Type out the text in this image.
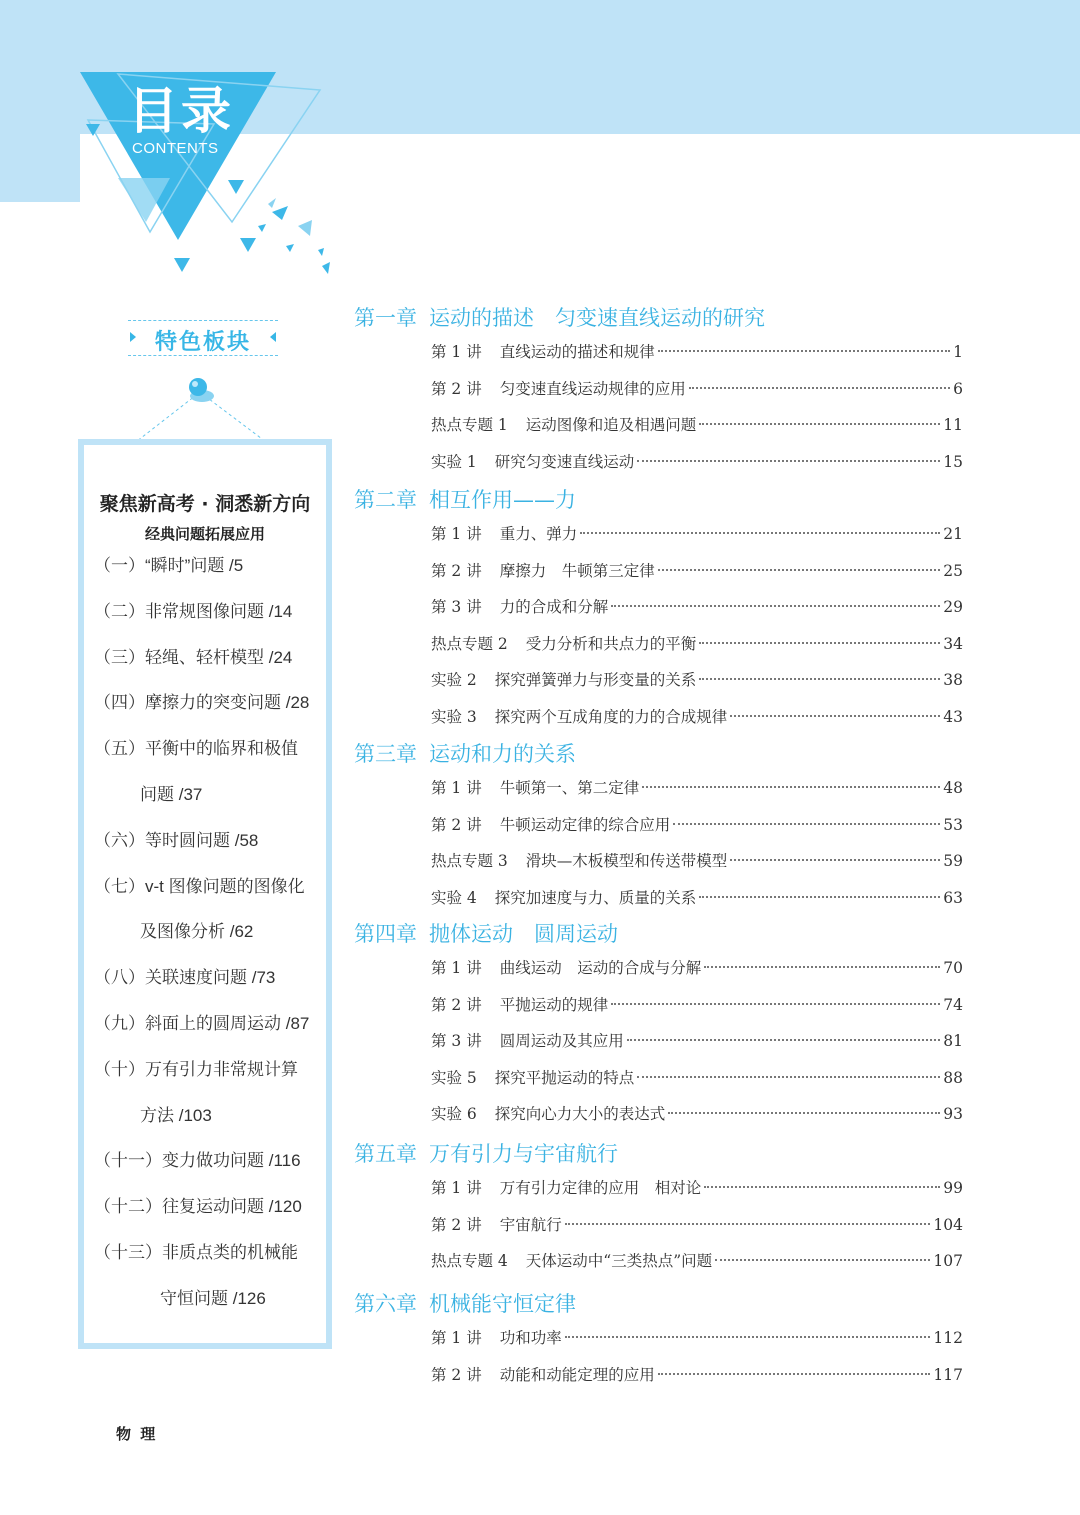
目录
CONTENTS
特色板块
聚焦新高考 · 洞悉新方向
经典问题拓展应用
（一）“瞬时”问题 /5
（二）非常规图像问题 /14
（三）轻绳、轻杆模型 /24
（四）摩擦力的突变问题 /28
（五）平衡中的临界和极值
问题 /37
（六）等时圆问题 /58
（七）v-t 图像问题的图像化
及图像分析 /62
（八）关联速度问题 /73
（九）斜面上的圆周运动 /87
（十）万有引力非常规计算
方法 /103
（十一）变力做功问题 /116
（十二）往复运动问题 /120
（十三）非质点类的机械能
守恒问题 /126
第一章 运动的描述　匀变速直线运动的研究
第 1 讲 直线运动的描述和规律	1
第 2 讲 匀变速直线运动规律的应用	6
热点专题 1 运动图像和追及相遇问题	11
实验 1 研究匀变速直线运动	15
第二章 相互作用——力
第 1 讲 重力、弹力	21
第 2 讲 摩擦力　牛顿第三定律	25
第 3 讲 力的合成和分解	29
热点专题 2 受力分析和共点力的平衡	34
实验 2 探究弹簧弹力与形变量的关系	38
实验 3 探究两个互成角度的力的合成规律	43
第三章 运动和力的关系
第 1 讲 牛顿第一、第二定律	48
第 2 讲 牛顿运动定律的综合应用	53
热点专题 3 滑块—木板模型和传送带模型	59
实验 4 探究加速度与力、质量的关系	63
第四章 抛体运动　圆周运动
第 1 讲 曲线运动　运动的合成与分解	70
第 2 讲 平抛运动的规律	74
第 3 讲 圆周运动及其应用	81
实验 5 探究平抛运动的特点	88
实验 6 探究向心力大小的表达式	93
第五章 万有引力与宇宙航行
第 1 讲 万有引力定律的应用　相对论	99
第 2 讲 宇宙航行	104
热点专题 4 天体运动中“三类热点”问题	107
第六章 机械能守恒定律
第 1 讲 功和功率	112
第 2 讲 动能和动能定理的应用	117
物 理
